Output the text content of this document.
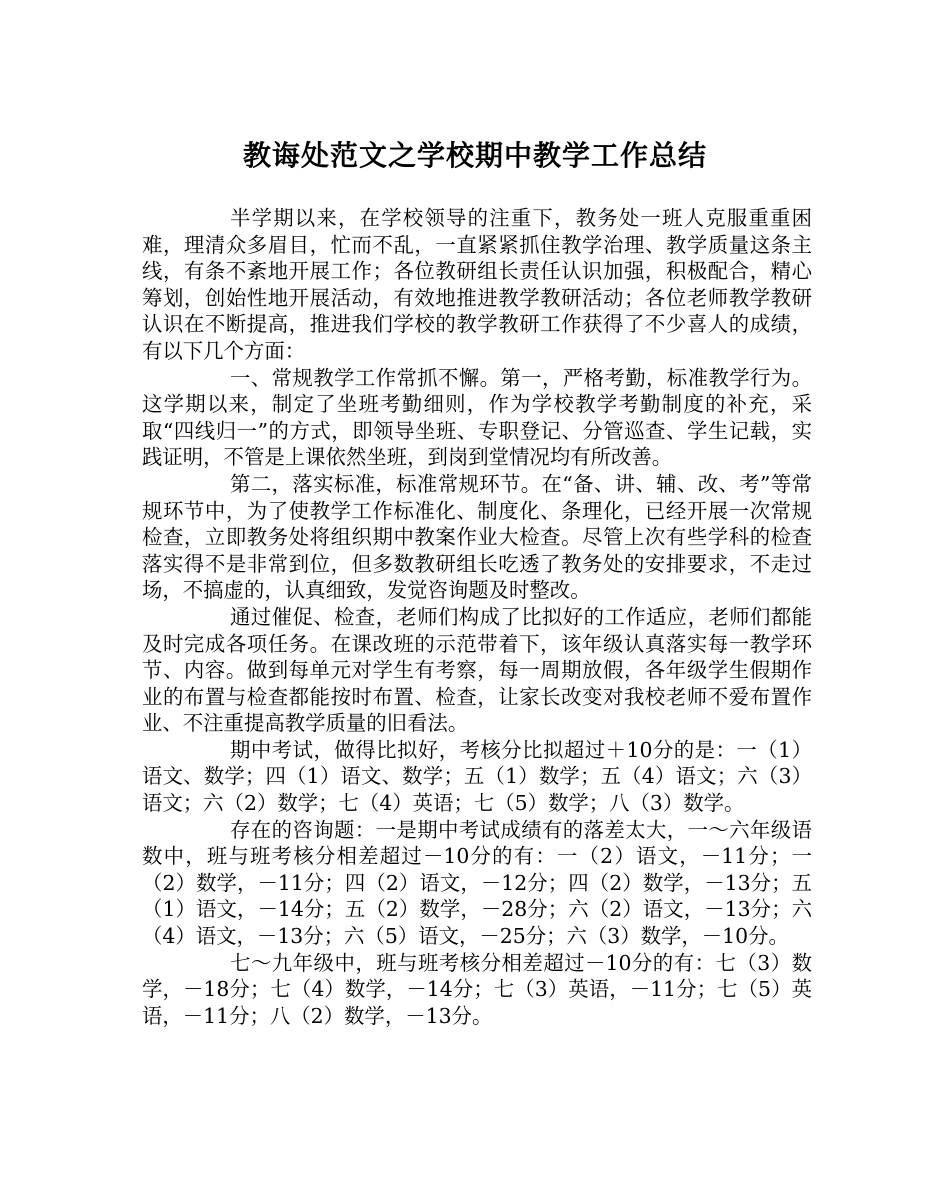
教诲处范文之学校期中教学工作总结

半学期以来，在学校领导的注重下，教务处一班人克服重重困难，理清众多眉目，忙而不乱，一直紧紧抓住教学治理、教学质量这条主线，有条不紊地开展工作；各位教研组长责任认识加强，积极配合，精心筹划，创始性地开展活动，有效地推进教学教研活动；各位老师教学教研认识在不断提高，推进我们学校的教学教研工作获得了不少喜人的成绩，有以下几个方面：

一、常规教学工作常抓不懈。第一，严格考勤，标准教学行为。这学期以来，制定了坐班考勤细则，作为学校教学考勤制度的补充，采取“四线归一”的方式，即领导坐班、专职登记、分管巡查、学生记载，实践证明，不管是上课依然坐班，到岗到堂情况均有所改善。

第二，落实标准，标准常规环节。在“备、讲、辅、改、考”等常规环节中，为了使教学工作标准化、制度化、条理化，已经开展一次常规检查，立即教务处将组织期中教案作业大检查。尽管上次有些学科的检查落实得不是非常到位，但多数教研组长吃透了教务处的安排要求，不走过场，不搞虚的，认真细致，发觉咨询题及时整改。

通过催促、检查，老师们构成了比拟好的工作适应，老师们都能及时完成各项任务。在课改班的示范带着下，该年级认真落实每一教学环节、内容。做到每单元对学生有考察，每一周期放假，各年级学生假期作业的布置与检查都能按时布置、检查，让家长改变对我校老师不爱布置作业、不注重提高教学质量的旧看法。

期中考试，做得比拟好，考核分比拟超过＋10分的是：一（1）语文、数学；四（1）语文、数学；五（1）数学；五（4）语文；六（3）语文；六（2）数学；七（4）英语；七（5）数学；八（3）数学。

存在的咨询题：一是期中考试成绩有的落差太大，一～六年级语数中，班与班考核分相差超过－10分的有：一（2）语文，－11分；一（2）数学，－11分；四（2）语文，－12分；四（2）数学，－13分；五（1）语文，－14分；五（2）数学，－28分；六（2）语文，－13分；六（4）语文，－13分；六（5）语文，－25分；六（3）数学，－10分。

七～九年级中，班与班考核分相差超过－10分的有：七（3）数学，－18分；七（4）数学，－14分；七（3）英语，－11分；七（5）英语，－11分；八（2）数学，－13分。
